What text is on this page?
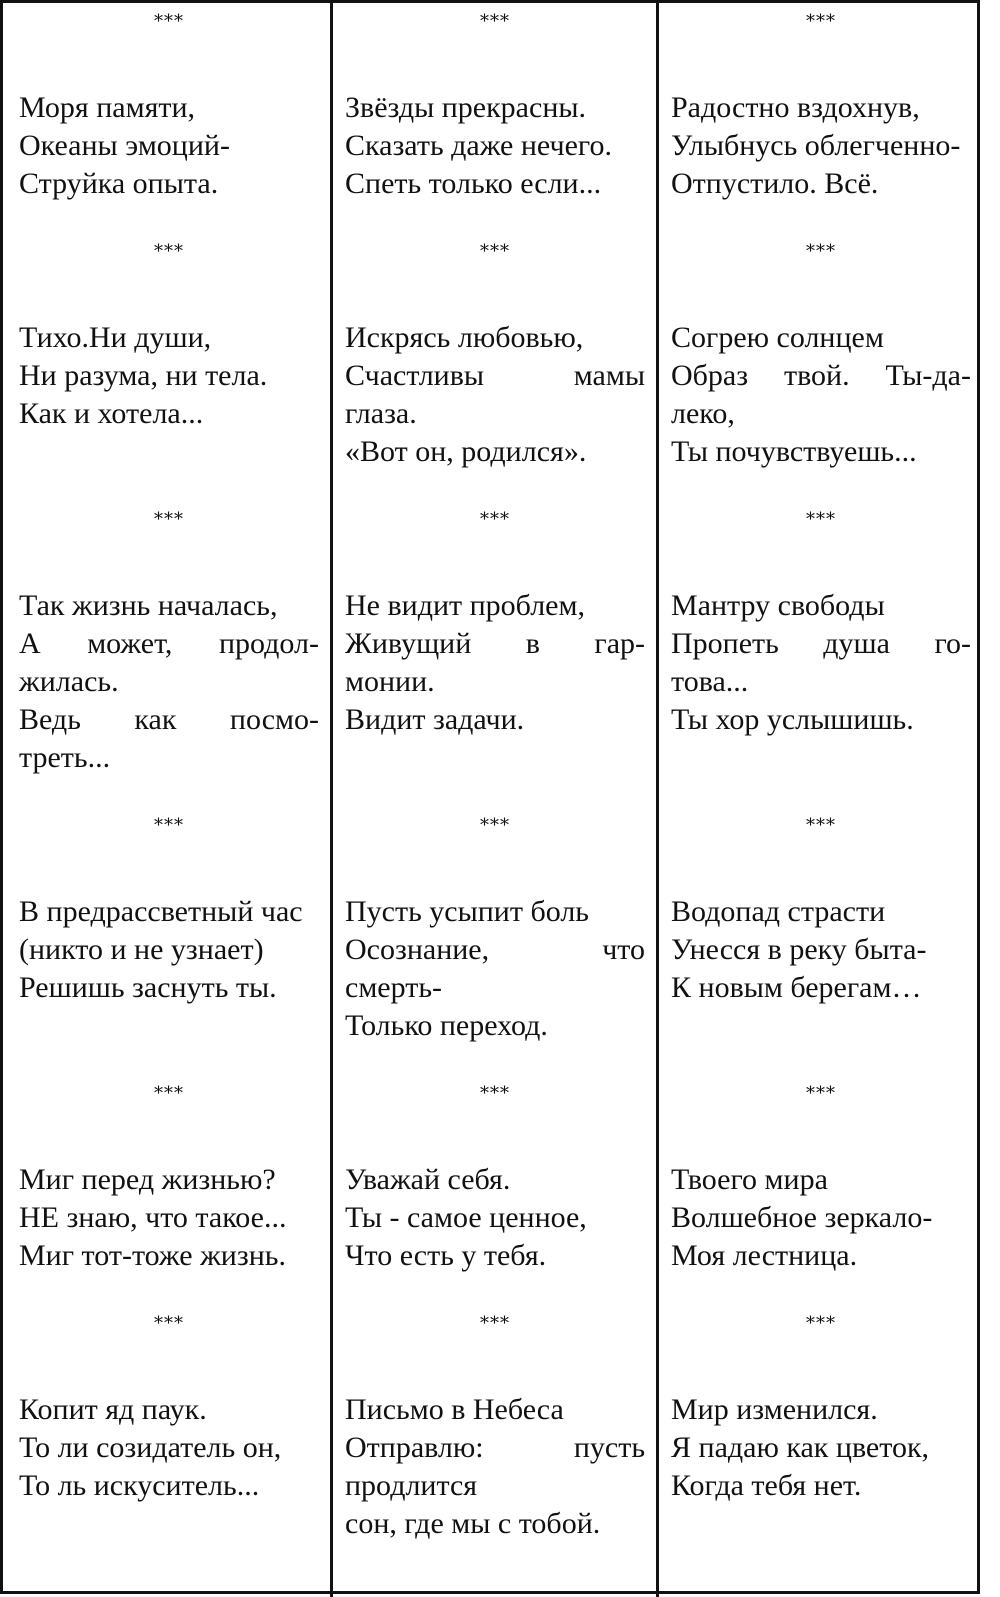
***
Моря памяти,
Океаны эмоций-
Струйка опыта.
***
Тихо.Ни души,
Ни разума, ни тела.
Как и хотела...
***
Так жизнь началась,
А может, продол-
жилась.
Ведь как посмо-
треть...
***
В предрассветный час
(никто и не узнает)
Решишь заснуть ты.
***
Миг перед жизнью?
НЕ знаю, что такое...
Миг тот-тоже жизнь.
***
Копит яд паук.
То ли созидатель он,
То ль искуситель...
***
Звёзды прекрасны.
Сказать даже нечего.
Спеть только если...
***
Искрясь любовью,
Счастливы мамы
глаза.
«Вот он, родился».
***
Не видит проблем,
Живущий в гар-
монии.
Видит задачи.
***
Пусть усыпит боль
Осознание, что
смерть-
Только переход.
***
Уважай себя.
Ты - самое ценное,
Что есть у тебя.
***
Письмо в Небеса
Отправлю: пусть
продлится
сон, где мы с тобой.
***
Радостно вздохнув,
Улыбнусь облегченно-
Отпустило. Всё.
***
Согрею солнцем
Образ твой. Ты-да-
леко,
Ты почувствуешь...
***
Мантру свободы
Пропеть душа го-
това...
Ты хор услышишь.
***
Водопад страсти
Унесся в реку быта-
К новым берегам…
***
Твоего мира
Волшебное зеркало-
Моя лестница.
***
Мир изменился.
Я падаю как цветок,
Когда тебя нет.
